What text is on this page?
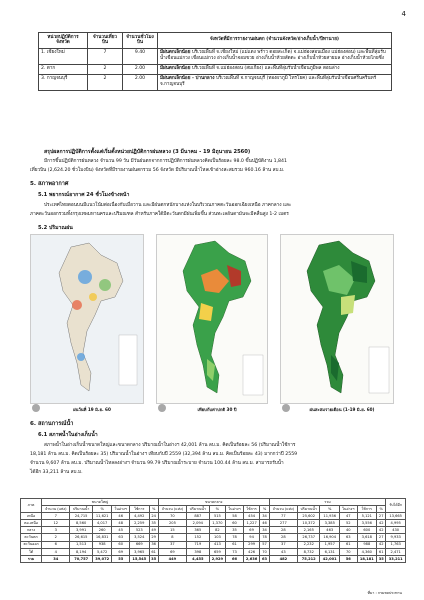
4
หน่วยปฏิบัติการจังหวัด	จำนวนเที่ยวบิน	จำนวนชั่วโมงบิน	จังหวัดที่มีการรายงานฝนตก (จำนวนจังหวัด/อ่างเก็บน้ำ/ปีทานาย)
1. เชียงใหม่	7	9.40	มีฝนตกเล็กน้อย บริเวณพื้นที่ จ.เชียงใหม่ (แม่แตง พร้าว ดอยสะเก็ด) จ.แม่ฮ่องสอนเมือง แม่ฮ่องสอน) และพื้นที่ลุ่มรับน้ำเขื่อนแม่กวง เขื่อนแม่กวง อ่างเก็บน้ำจอมขวย อ่างเก็บน้ำห้วยสัตตะ อ่างเก็บน้ำห้วยสายมล อ่างเก็บน้ำห้วยโกยซึ่ง
2. ตาก	2	2.00	มีฝนตกเล็กน้อย บริเวณพื้นที่ จ.แม่ฮ่องสอน (สมเกียง) และพื้นที่ลุ่มรับน้ำเขื่อนภูมิพล ตอนล่าง
3. กาญจนบุรี	2	2.00	มีฝนตกเล็กน้อย - ปานกลาง บริเวณพื้นที่ จ.กาญจนบุรี (ทองผาภูมิ ไทรโยค) และพื้นที่ลุ่มรับน้ำเขื่อนศรีนครินทร์ จ.กาญจนบุรี
สรุปผลการปฏิบัติการตั้งแต่เริ่มตั้งหน่วยปฏิบัติการฝนหลวง (3 มีนาคม - 19 มิถุนายน 2560)
มีการขึ้นปฏิบัติการฝนหลวง จำนวน 99 วัน มีวันฝนตกจากการปฏิบัติการฝนหลวงคิดเป็นร้อยละ 98.0 ขึ้นปฏิบัติงาน 1,841
เที่ยวบิน (2,624.20 ชั่วโมงบิน) จังหวัดที่มีรายงานฝนตกรวม 56 จังหวัด มีปริมาณน้ำไหลเข้าอ่างสะสมรวม 960.16 ล้าน ลบ.ม.
5. สภาพอากาศ
5.1 พยากรณ์อากาศ 24 ชั่วโมงข้างหน้า
ประเทศไทยตอนบนมีแนวโน้มต่อเนื่องกับเมื่อวาน และมีฝนตกหนักบางแห่งในบริเวณภาคตะวันออกเฉียงเหนือ ภาคกลาง และ
ภาคตะวันออกรวมทั้งกรุงเทพมหานครและปริมณฑล สำหรับภาคใต้มีตะวันตกมีฝนเพิ่มขึ้น ส่วนทะเลอันดามันจะมีคลื่นสูง 1-2 เมตร
5.2 ปริมาณฝน
ฝนวันที่ 19 มิ.ย. 60	เทียบกับค่าปกติ 30 ปี	ฝนสะสมรายเดือน (1-19 มิ.ย. 60)
6. สถานการณ์น้ำ
6.1 สภาพน้ำในอ่างเก็บน้ำ
สภาพน้ำในอ่างเก็บน้ำขนาดใหญ่และขนาดกลาง ปริมาณน้ำในอ่างฯ 42,001 ล้าน ลบ.ม. คิดเป็นร้อยละ 56 (ปริมาณน้ำใช้การ
18,181 ล้าน ลบ.ม. คิดเป็นร้อยละ 35) ปริมาณน้ำในอ่างฯ เทียบกับปี 2559 (32,394 ล้าน ลบ.ม. คิดเป็นร้อยละ 43) มากกว่าปี 2559
จำนวน 9,607 ล้าน ลบ.ม. ปริมาณน้ำไหลลงอ่างฯ จำนวน 99.79 ปริมาณน้ำระบาย จำนวน 100.44 ล้าน ลบ.ม. สามารถรับน้ำ
ได้อีก 33,211 ล้าน ลบ.ม.
ภาค	ขนาดใหญ่						ขนาดกลาง						รวม						รับได้อีก
	จำนวน (แห่ง)	ปริมาณน้ำ	%	ในอ่างฯ	ใช้การ	%	จำนวน (แห่ง)	ปริมาณน้ำ	%	ในอ่างฯ	ใช้การ	%	จำนวน (แห่ง)	ปริมาณน้ำ	%	ในอ่างฯ	ใช้การ	%	
เหนือ	7	24,715	11,621	46	4,492	24	70	887	515	58	454	34	77	25,602	11,936	47	5,121	27	13,665
ตอ.เหนือ	12	8,560	4,017	48	2,259	35	205	2,094	1,370	60	1,227	46	277	10,372	3,385	52	3,556	42	4,995
กลาง	3	3,991	260	45	523	49	15	365	82	35	69	34	28	2,165	463	40	600	42	430
ตะวันตก	2	26,615	16,831	63	3,524	29	8	152	103	78	94	78	28	26,737	16,904	63	3,618	27	9,933
ตะวันออก	6	1,513	938	60	669	36	37	719	413	61	299	57	37	2,232	1,957	61	988	42	1,763
ใต้	4	8,194	5,472	69	3,965	61	69	398	659	73	426	70	43	8,732	6,131	70	4,360	61	2,471
รวม	34	70,757	39,072	55	15,545	35	449	4,455	2,929	66	2,636	63	482	75,212	42,001	56	18,181	35	33,211
ที่มา : กรมชลประทาน
